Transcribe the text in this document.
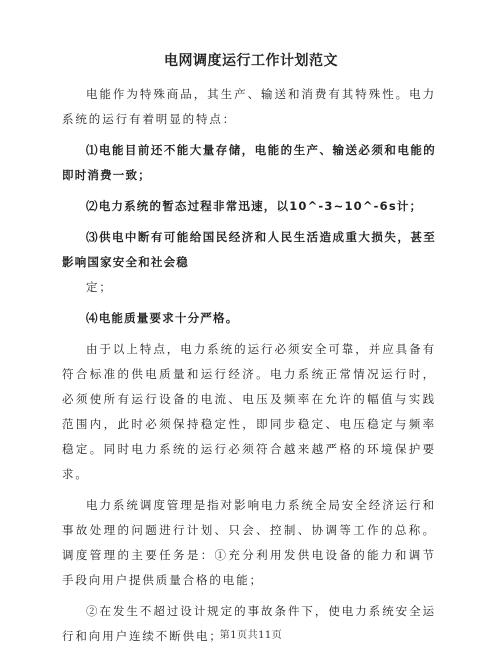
电网调度运行工作计划范文

电能作为特殊商品，其生产、输送和消费有其特殊性。电力系统的运行有着明显的特点：

⑴电能目前还不能大量存储，电能的生产、输送必须和电能的即时消费一致；

⑵电力系统的暂态过程非常迅速，以10^-3~10^-6s计；

⑶供电中断有可能给国民经济和人民生活造成重大损失，甚至影响国家安全和社会稳

定；

⑷电能质量要求十分严格。

由于以上特点，电力系统的运行必须安全可靠，并应具备有符合标准的供电质量和运行经济。电力系统正常情况运行时，必须使所有运行设备的电流、电压及频率在允许的幅值与实践范围内，此时必须保持稳定性，即同步稳定、电压稳定与频率稳定。同时电力系统的运行必须符合越来越严格的环境保护要求。

电力系统调度管理是指对影响电力系统全局安全经济运行和事故处理的问题进行计划、只会、控制、协调等工作的总称。调度管理的主要任务是：①充分利用发供电设备的能力和调节手段向用户提供质量合格的电能；

②在发生不超过设计规定的事故条件下，使电力系统安全运行和向用户连续不断供电；

第1页共11页
